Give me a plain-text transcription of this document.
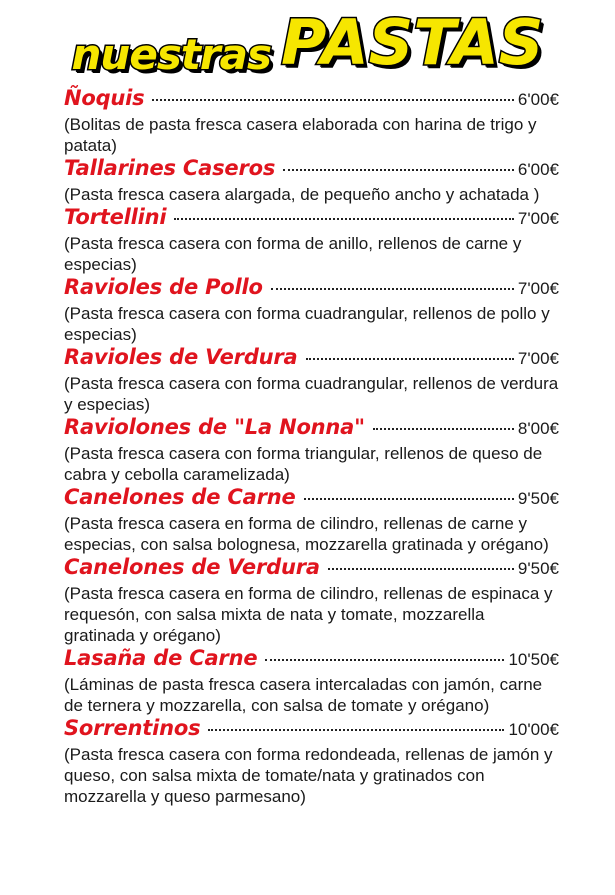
nuestras PASTAS
Ñoquis	6'00€
(Bolitas de pasta fresca casera elaborada con harina de trigo y patata)
Tallarines Caseros	6'00€
(Pasta fresca casera alargada, de pequeño ancho y achatada )
Tortellini	7'00€
(Pasta fresca casera con forma de anillo, rellenos de carne y especias)
Ravioles de Pollo	7'00€
(Pasta fresca casera con forma cuadrangular, rellenos de pollo y especias)
Ravioles de Verdura	7'00€
(Pasta fresca casera con forma cuadrangular, rellenos de verdura y especias)
Raviolones de "La Nonna"	8'00€
(Pasta fresca casera con forma triangular, rellenos de queso de cabra y cebolla caramelizada)
Canelones de Carne	9'50€
(Pasta fresca casera en forma de cilindro, rellenas de carne y especias, con salsa bolognesa, mozzarella gratinada y orégano)
Canelones de Verdura	9'50€
(Pasta fresca casera en forma de cilindro, rellenas de espinaca y requesón, con salsa mixta de nata y tomate, mozzarella gratinada y orégano)
Lasaña de Carne	10'50€
(Láminas de pasta fresca casera intercaladas con jamón, carne de ternera y mozzarella, con salsa de tomate y orégano)
Sorrentinos	10'00€
(Pasta fresca casera con forma redondeada, rellenas de jamón y queso, con salsa mixta de tomate/nata y gratinados con mozzarella y queso parmesano)
